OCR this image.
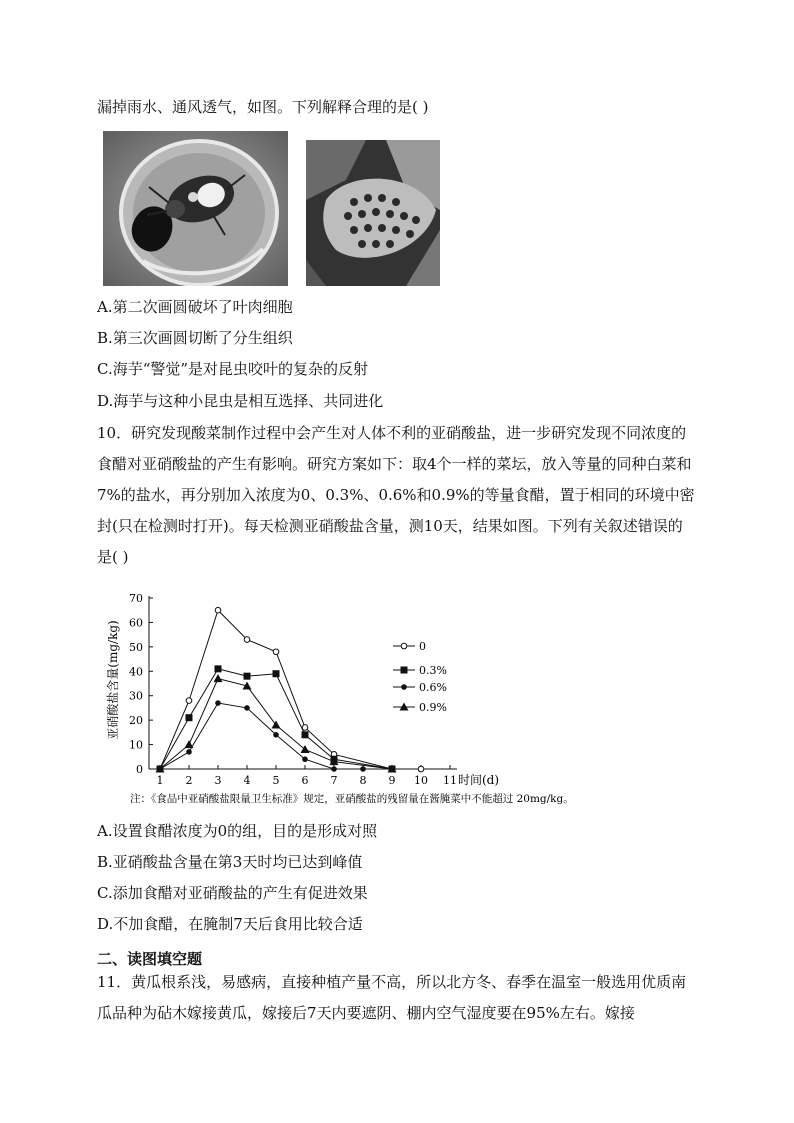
漏掉雨水、通风透气，如图。下列解释合理的是( )
A.第二次画圆破坏了叶肉细胞
B.第三次画圆切断了分生组织
C.海芋“警觉”是对昆虫咬叶的复杂的反射
D.海芋与这种小昆虫是相互选择、共同进化
10．研究发现酸菜制作过程中会产生对人体不利的亚硝酸盐，进一步研究发现不同浓度的食醋对亚硝酸盐的产生有影响。研究方案如下：取4个一样的菜坛，放入等量的同种白菜和7%的盐水，再分别加入浓度为0、0.3%、0.6%和0.9%的等量食醋，置于相同的环境中密封(只在检测时打开)。每天检测亚硝酸盐含量，测10天，结果如图。下列有关叙述错误的是( )
0
10
20
30
40
50
60
70
1 2 3 4 5 6 7 8 9 10 11
0
0.3%
0.6%
0.9%
亚硝酸盐含量(mg/kg)
时间(d)
注：《食品中亚硝酸盐限量卫生标准》规定，亚硝酸盐的残留量在酱腌菜中不能超过 20mg/kg。
A.设置食醋浓度为0的组，目的是形成对照
B.亚硝酸盐含量在第3天时均已达到峰值
C.添加食醋对亚硝酸盐的产生有促进效果
D.不加食醋，在腌制7天后食用比较合适
二、读图填空题
11．黄瓜根系浅，易感病，直接种植产量不高，所以北方冬、春季在温室一般选用优质南瓜品种为砧木嫁接黄瓜，嫁接后7天内要遮阴、棚内空气湿度要在95%左右。嫁接
